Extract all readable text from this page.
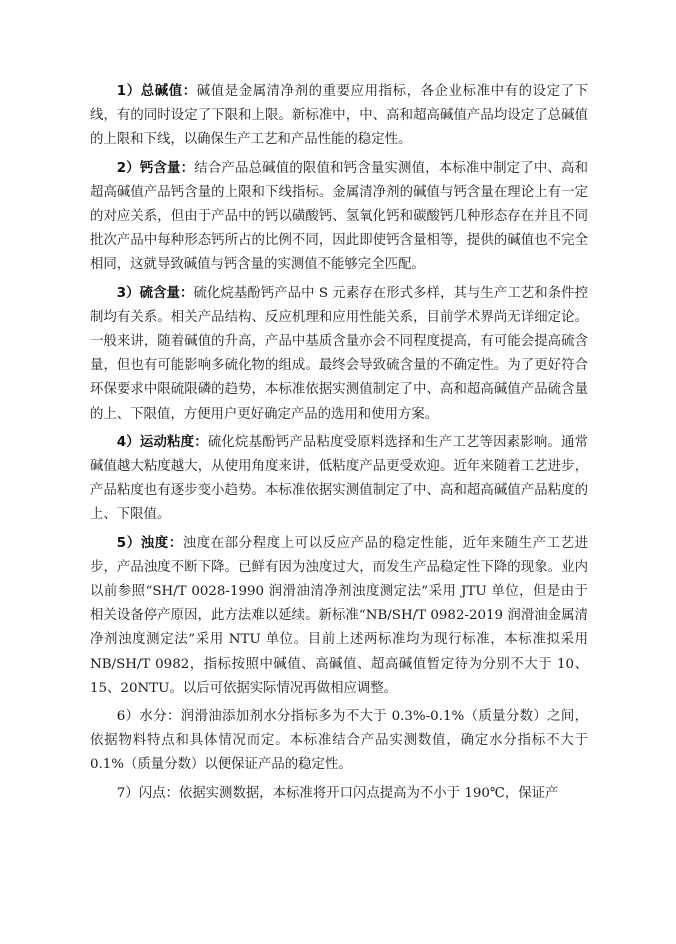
1）总碱值：碱值是金属清净剂的重要应用指标，各企业标准中有的设定了下线，有的同时设定了下限和上限。新标准中，中、高和超高碱值产品均设定了总碱值的上限和下线，以确保生产工艺和产品性能的稳定性。

2）钙含量：结合产品总碱值的限值和钙含量实测值，本标准中制定了中、高和超高碱值产品钙含量的上限和下线指标。金属清净剂的碱值与钙含量在理论上有一定的对应关系，但由于产品中的钙以磺酸钙、氢氧化钙和碳酸钙几种形态存在并且不同批次产品中每种形态钙所占的比例不同，因此即使钙含量相等，提供的碱值也不完全相同，这就导致碱值与钙含量的实测值不能够完全匹配。

3）硫含量：硫化烷基酚钙产品中 S 元素存在形式多样，其与生产工艺和条件控制均有关系。相关产品结构、反应机理和应用性能关系，目前学术界尚无详细定论。一般来讲，随着碱值的升高，产品中基质含量亦会不同程度提高，有可能会提高硫含量，但也有可能影响多硫化物的组成。最终会导致硫含量的不确定性。为了更好符合环保要求中限硫限磷的趋势，本标准依据实测值制定了中、高和超高碱值产品硫含量的上、下限值，方便用户更好确定产品的选用和使用方案。

4）运动粘度：硫化烷基酚钙产品粘度受原料选择和生产工艺等因素影响。通常碱值越大粘度越大，从使用角度来讲，低粘度产品更受欢迎。近年来随着工艺进步，产品粘度也有逐步变小趋势。本标准依据实测值制定了中、高和超高碱值产品粘度的上、下限值。

5）浊度：浊度在部分程度上可以反应产品的稳定性能，近年来随生产工艺进步，产品浊度不断下降。已鲜有因为浊度过大，而发生产品稳定性下降的现象。业内以前参照“SH/T 0028-1990 润滑油清净剂浊度测定法”采用 JTU 单位，但是由于相关设备停产原因，此方法难以延续。新标准“NB/SH/T 0982-2019 润滑油金属清净剂浊度测定法”采用 NTU 单位。目前上述两标准均为现行标准，本标准拟采用 NB/SH/T 0982，指标按照中碱值、高碱值、超高碱值暂定待为分别不大于 10、15、20NTU。以后可依据实际情况再做相应调整。

6）水分：润滑油添加剂水分指标多为不大于 0.3%-0.1%（质量分数）之间，依据物料特点和具体情况而定。本标准结合产品实测数值，确定水分指标不大于 0.1%（质量分数）以便保证产品的稳定性。

7）闪点：依据实测数据，本标准将开口闪点提高为不小于 190℃，保证产
